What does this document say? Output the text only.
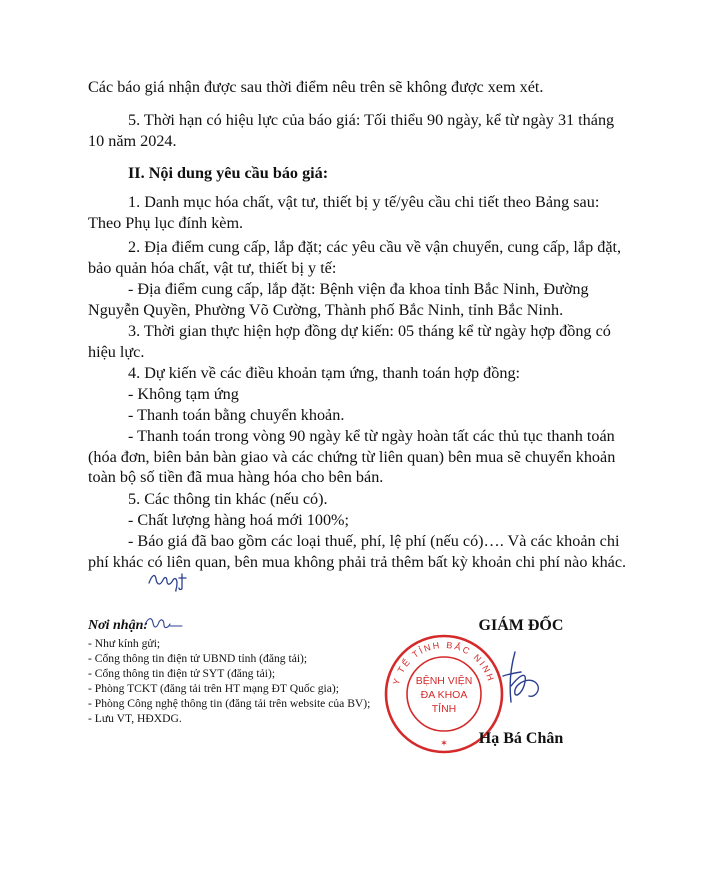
Các báo giá nhận được sau thời điểm nêu trên sẽ không được xem xét.

5. Thời hạn có hiệu lực của báo giá: Tối thiểu 90 ngày, kể từ ngày 31 tháng 10 năm 2024.

II. Nội dung yêu cầu báo giá:

1. Danh mục hóa chất, vật tư, thiết bị y tế/yêu cầu chi tiết theo Bảng sau: Theo Phụ lục đính kèm.

2. Địa điểm cung cấp, lắp đặt; các yêu cầu về vận chuyển, cung cấp, lắp đặt, bảo quản hóa chất, vật tư, thiết bị y tế:

- Địa điểm cung cấp, lắp đặt: Bệnh viện đa khoa tỉnh Bắc Ninh, Đường Nguyễn Quyền, Phường Võ Cường, Thành phố Bắc Ninh, tỉnh Bắc Ninh.

3. Thời gian thực hiện hợp đồng dự kiến: 05 tháng kể từ ngày hợp đồng có hiệu lực.

4. Dự kiến về các điều khoản tạm ứng, thanh toán hợp đồng:

- Không tạm ứng

- Thanh toán bằng chuyển khoản.

- Thanh toán trong vòng 90 ngày kể từ ngày hoàn tất các thủ tục thanh toán (hóa đơn, biên bản bàn giao và các chứng từ liên quan) bên mua sẽ chuyển khoản toàn bộ số tiền đã mua hàng hóa cho bên bán.

5. Các thông tin khác (nếu có).

- Chất lượng hàng hoá mới 100%;

- Báo giá đã bao gồm các loại thuế, phí, lệ phí (nếu có)…. Và các khoản chi phí khác có liên quan, bên mua không phải trả thêm bất kỳ khoản chi phí nào khác.

Nơi nhận:
- Như kính gửi;
- Cổng thông tin điện tử UBND tỉnh (đăng tải);
- Cổng thông tin điện tử SYT (đăng tải);
- Phòng TCKT (đăng tải trên HT mạng ĐT Quốc gia);
- Phòng Công nghệ thông tin (đăng tải trên website của BV);
- Lưu VT, HĐXDG.
GIÁM ĐỐC
Y TẾ TỈNH BẮC NINH
BỆNH VIỆN
ĐA KHOA
TỈNH
✶	Hạ Bá Chân
